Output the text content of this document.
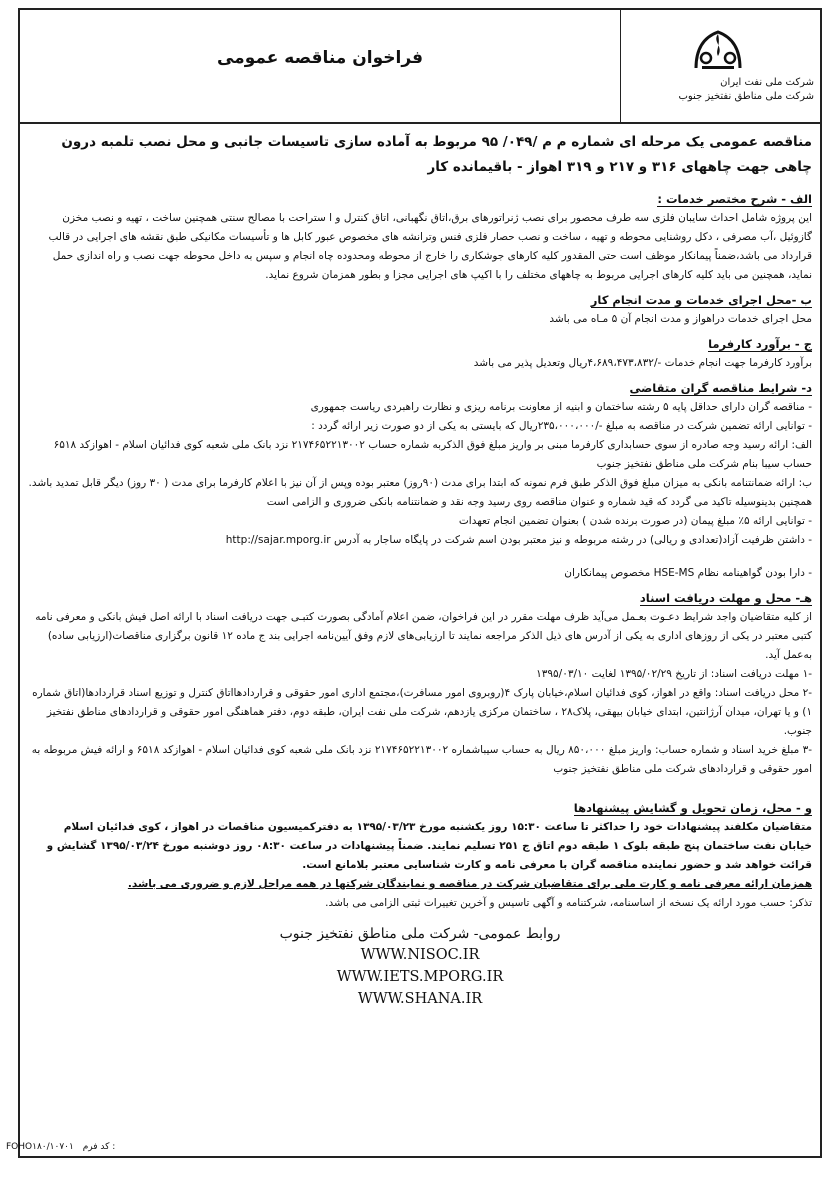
فراخوان مناقصه عمومی
شرکت ملی نفت ایران
شرکت ملی مناطق نفتخیز جنوب
مناقصه عمومی یک مرحله ای شماره م م /۰۴۹/ ۹۵ مربوط به آماده سازی تاسیسات جانبی و محل نصب تلمبه درون چاهی جهت چاههای ۳۱۶ و ۲۱۷ و ۳۱۹ اهواز - باقیمانده کار
الف - شرح مختصر خدمات :

این پروژه شامل احداث سایبان فلزی سه طرف محصور برای نصب ژنراتورهای برق،اتاق نگهبانی، اتاق کنترل و ا ستراحت با مصالح سنتی همچنین ساخت ، تهیه و نصب مخزن

گازوئیل ،آب مصرفی ، دکل روشنایی محوطه و تهیه ، ساخت و نصب حصار فلزی فنس وترانشه های مخصوص عبور کابل ها و تأسیسات مکانیکی طبق نقشه های اجرایی در قالب قرارداد می باشد،ضمناً پیمانکار موظف است حتی المقدور کلیه کارهای جوشکاری را خارج از محوطه ومحدوده چاه انجام و سپس به داخل محوطه جهت نصب و راه اندازی حمل نماید، همچنین می باید کلیه کارهای اجرایی مربوط به چاههای مختلف را با اکیپ های اجرایی مجزا و بطور همزمان شروع نماید.

ب -محل اجرای خدمات و مدت انجام کار

محل اجرای خدمات دراهواز و مدت انجام آن ۵ مـاه می باشد

ج - برآورد کارفرما

برآورد کارفرما جهت انجام خدمات -/۴،۶۸۹،۴۷۳،۸۳۲ریال وتعدیل پذیر می باشد

د- شرایط مناقصه گران متقاضی

- مناقصه گران دارای حداقل پایه ۵ رشته ساختمان و ابنیه از معاونت برنامه ریزی و نظارت راهبردی ریاست جمهوری

- توانایی ارائه تضمین شرکت در مناقصه به مبلغ -/۲۳۵،۰۰۰،۰۰۰ریال که بایستی به یکی از دو صورت زیر ارائه گردد :

الف: ارائه رسید وجه صادره از سوی حسابداری کارفرما مبنی بر واریز مبلغ فوق الذکربه شماره حساب ۲۱۷۴۶۵۲۲۱۳۰۰۲ نزد بانک ملی شعبه کوی فدائیان اسلام - اهوازکد ۶۵۱۸ حساب سیبا بنام شرکت ملی مناطق نفتخیز جنوب

ب: ارائه ضمانتنامه بانکی به میزان مبلغ فوق الذکر طبق فرم نمونه که ابتدا برای مدت (۹۰روز) معتبر بوده وپس از آن نیز با اعلام کارفرما برای مدت ( ۳۰ روز) دیگر قابل تمدید باشد.

همچنین بدینوسیله تاکید می گردد که قید شماره و عنوان مناقصه روی رسید وجه نقد و ضمانتنامه بانکی ضروری و الزامی است

- توانایی ارائه ۵٪ مبلغ پیمان (در صورت برنده شدن ) بعنوان تضمین انجام تعهدات

- داشتن ظرفیت آزاد(تعدادی و ریالی) در رشته مربوطه و نیز معتبر بودن اسم شرکت در پایگاه ساجار به آدرس http://sajar.mporg.ir

- دارا بودن گواهینامه نظام HSE-MS مخصوص پیمانکاران

هـ- محل و مهلت دریافت اسناد

از کلیه متقاضیان واجد شرایط دعـوت بعـمل می‌آید ظرف مهلت مقرر در این فراخوان، ضمن اعلام آمادگی بصورت کتبـی جهت دریافت اسناد با ارائه اصل فیش بانکی و معرفی نامه کتبی معتبر در یکی از روزهای اداری به یکی از آدرس های ذیل الذکر مراجعه نمایند تا ارزیابی‌های لازم وفق آیین‌نامه اجرایی بند ج ماده ۱۲ قانون برگزاری مناقصات(ارزیابی ساده) به‌عمل آید.

-۱ مهلت دریافت اسناد: از تاریخ ۱۳۹۵/۰۲/۲۹ لغایت ۱۳۹۵/۰۳/۱۰

-۲ محل دریافت اسناد: واقع در اهواز، کوی فدائیان اسلام،خیابان پارک ۴(روبروی امور مسافرت)،مجتمع اداری امور حقوقی و قراردادهااتاق کنترل و توزیع اسناد قراردادها(اتاق شماره ۱) و یا تهران، میدان آرژانتین، ابتدای خیابان بیهقی، پلاک۲۸ ، ساختمان مرکزی یازدهم، شرکت ملی نفت ایران، طبقه دوم، دفتر هماهنگی امور حقوقی و قراردادهای مناطق نفتخیز جنوب.

-۳ مبلغ خرید اسناد و شماره حساب: واریز مبلغ ۸۵۰،۰۰۰ ریال به حساب سیباشماره ۲۱۷۴۶۵۲۲۱۳۰۰۲ نزد بانک ملی شعبه کوی فدائیان اسلام - اهوازکد ۶۵۱۸ و ارائه فیش مربوطه به امور حقوقی و قراردادهای شرکت ملی مناطق نفتخیز جنوب

و - محل، زمان تحویل و گشایش پیشنهادها

متقاضیان مکلفند پیشنهادات خود را حداکثر تا ساعت ۱۵:۳۰ روز یکشنبه مورخ ۱۳۹۵/۰۳/۲۳ به دفترکمیسیون مناقصات در اهواز ، کوی فدائیان اسلام خیابان نفت ساختمان پنج طبقه بلوک ۱ طبقه دوم اتاق ج ۲۵۱ تسلیم نمایند. ضمناً پیشنهادات در ساعت ۰۸:۳۰ روز دوشنبه مورخ ۱۳۹۵/۰۳/۲۴ گشایش و قرائت خواهد شد و حضور نماینده مناقصه گران با معرفی نامه و کارت شناسایی معتبر بلامانع است.

همزمان ارائه معرفی نامه و کارت ملی برای متقاضیان شرکت در مناقصه و نمایندگان شرکتها در همه مراحل لازم و ضروری می باشد.

تذکر: حسب مورد ارائه یک نسخه از اساسنامه، شرکتنامه و آگهی تاسیس و آخرین تغییرات ثبتی الزامی می باشد.

روابط عمومی- شرکت ملی مناطق نفتخیز جنوب
WWW.NISOC.IR
WWW.IETS.MPORG.IR
WWW.SHANA.IR
FOHO۱۸۰/۱۰۷۰۱ کد فرم :
